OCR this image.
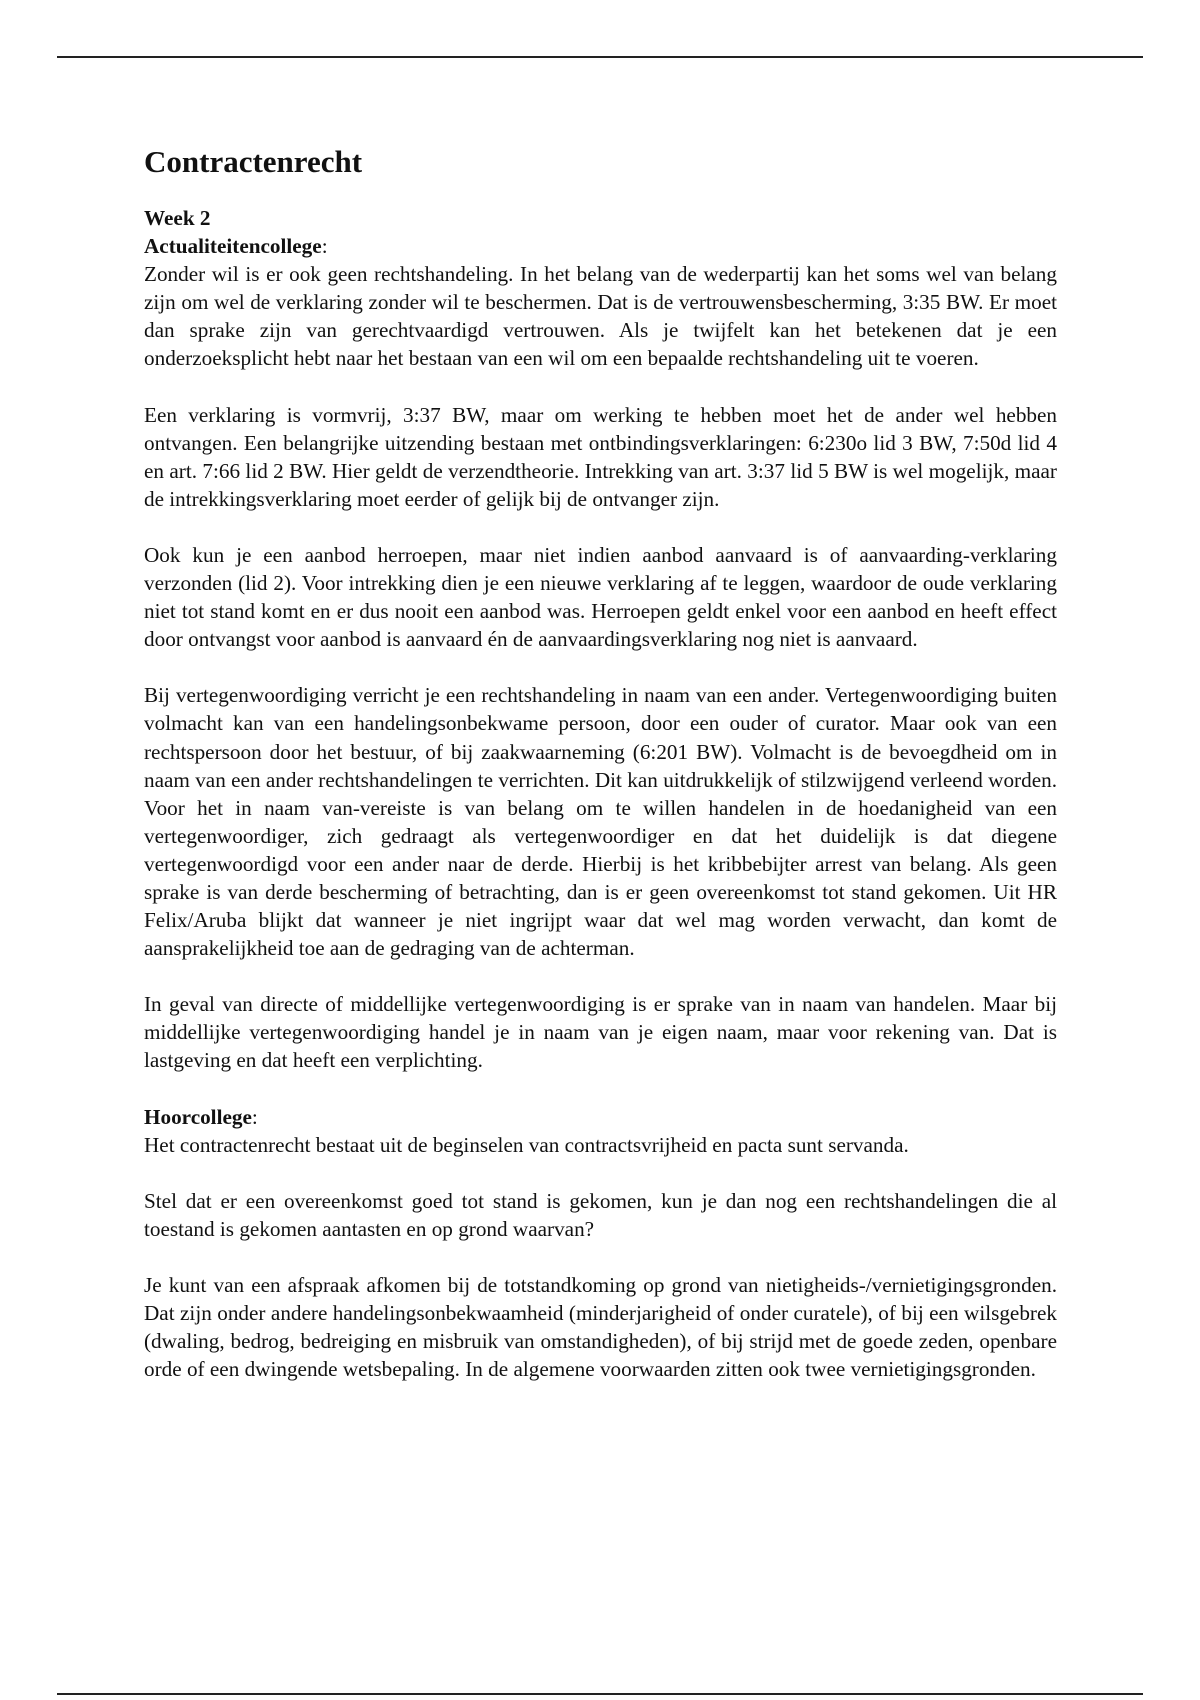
Contractenrecht

Week 2

Actualiteitencollege:

Zonder wil is er ook geen rechtshandeling. In het belang van de wederpartij kan het soms wel van belang zijn om wel de verklaring zonder wil te beschermen. Dat is de vertrouwensbescherming, 3:35 BW. Er moet dan sprake zijn van gerechtvaardigd vertrouwen. Als je twijfelt kan het betekenen dat je een onderzoeksplicht hebt naar het bestaan van een wil om een bepaalde rechtshandeling uit te voeren.

Een verklaring is vormvrij, 3:37 BW, maar om werking te hebben moet het de ander wel hebben ontvangen. Een belangrijke uitzending bestaan met ontbindingsverklaringen: 6:230o lid 3 BW, 7:50d lid 4 en art. 7:66 lid 2 BW. Hier geldt de verzendtheorie. Intrekking van art. 3:37 lid 5 BW is wel mogelijk, maar de intrekkingsverklaring moet eerder of gelijk bij de ontvanger zijn.

Ook kun je een aanbod herroepen, maar niet indien aanbod aanvaard is of aanvaarding-verklaring verzonden (lid 2). Voor intrekking dien je een nieuwe verklaring af te leggen, waardoor de oude verklaring niet tot stand komt en er dus nooit een aanbod was. Herroepen geldt enkel voor een aanbod en heeft effect door ontvangst voor aanbod is aanvaard én de aanvaardingsverklaring nog niet is aanvaard.

Bij vertegenwoordiging verricht je een rechtshandeling in naam van een ander. Vertegenwoordiging buiten volmacht kan van een handelingsonbekwame persoon, door een ouder of curator. Maar ook van een rechtspersoon door het bestuur, of bij zaakwaarneming (6:201 BW). Volmacht is de bevoegdheid om in naam van een ander rechtshandelingen te verrichten. Dit kan uitdrukkelijk of stilzwijgend verleend worden. Voor het in naam van-vereiste is van belang om te willen handelen in de hoedanigheid van een vertegenwoordiger, zich gedraagt als vertegenwoordiger en dat het duidelijk is dat diegene vertegenwoordigd voor een ander naar de derde. Hierbij is het kribbebijter arrest van belang. Als geen sprake is van derde bescherming of betrachting, dan is er geen overeenkomst tot stand gekomen. Uit HR Felix/Aruba blijkt dat wanneer je niet ingrijpt waar dat wel mag worden verwacht, dan komt de aansprakelijkheid toe aan de gedraging van de achterman.

In geval van directe of middellijke vertegenwoordiging is er sprake van in naam van handelen. Maar bij middellijke vertegenwoordiging handel je in naam van je eigen naam, maar voor rekening van. Dat is lastgeving en dat heeft een verplichting.

Hoorcollege:

Het contractenrecht bestaat uit de beginselen van contractsvrijheid en pacta sunt servanda.

Stel dat er een overeenkomst goed tot stand is gekomen, kun je dan nog een rechtshandelingen die al toestand is gekomen aantasten en op grond waarvan?

Je kunt van een afspraak afkomen bij de totstandkoming op grond van nietigheids-/vernietigingsgronden. Dat zijn onder andere handelingsonbekwaamheid (minderjarigheid of onder curatele), of bij een wilsgebrek (dwaling, bedrog, bedreiging en misbruik van omstandigheden), of bij strijd met de goede zeden, openbare orde of een dwingende wetsbepaling. In de algemene voorwaarden zitten ook twee vernietigingsgronden.
